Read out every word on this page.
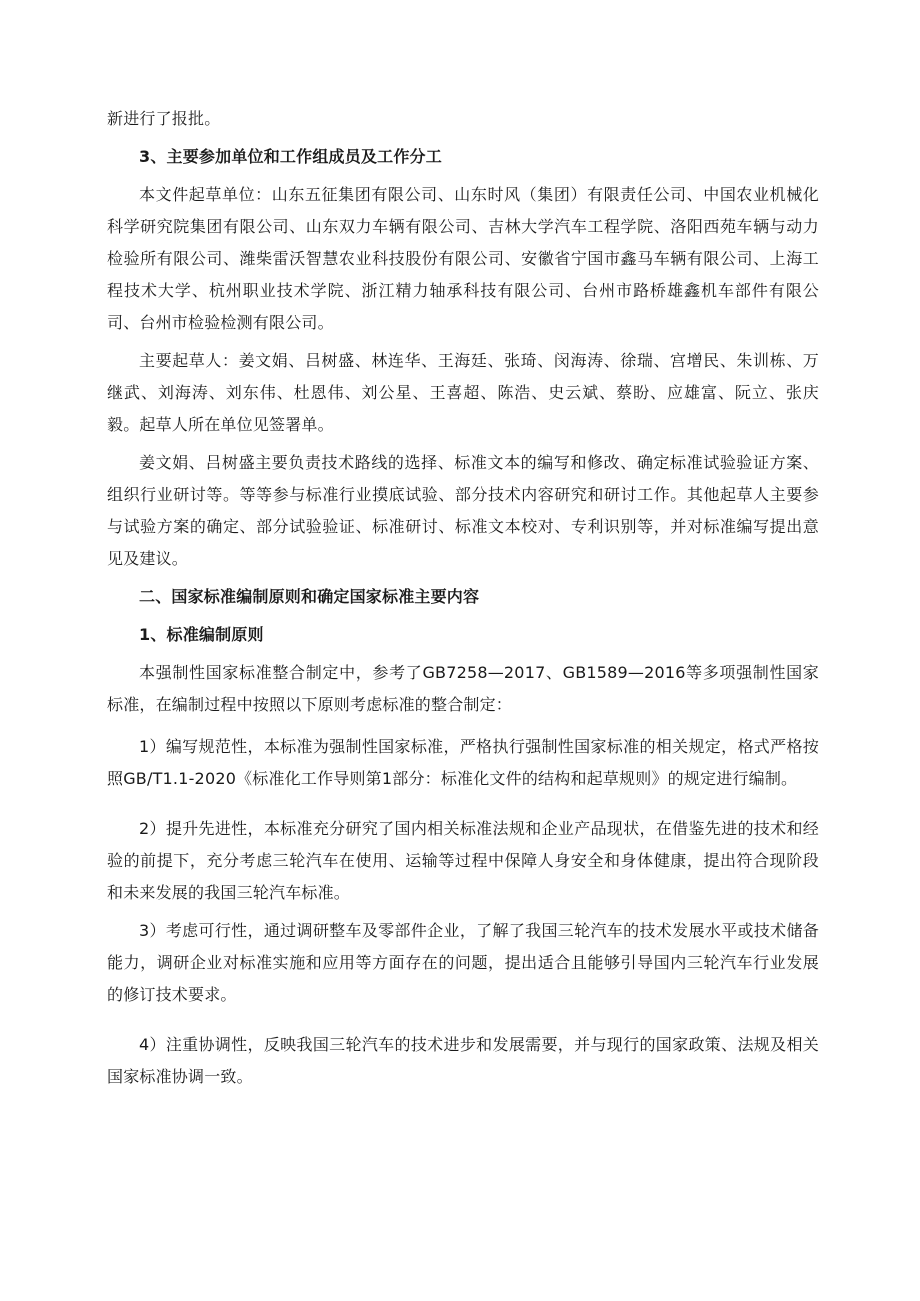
新进行了报批。

3、主要参加单位和工作组成员及工作分工

本文件起草单位：山东五征集团有限公司、山东时风（集团）有限责任公司、中国农业机械化科学研究院集团有限公司、山东双力车辆有限公司、吉林大学汽车工程学院、洛阳西苑车辆与动力检验所有限公司、潍柴雷沃智慧农业科技股份有限公司、安徽省宁国市鑫马车辆有限公司、上海工程技术大学、杭州职业技术学院、浙江精力轴承科技有限公司、台州市路桥雄鑫机车部件有限公司、台州市检验检测有限公司。

主要起草人：姜文娟、吕树盛、林连华、王海廷、张琦、闵海涛、徐瑞、宫增民、朱训栋、万继武、刘海涛、刘东伟、杜恩伟、刘公星、王喜超、陈浩、史云斌、蔡盼、应雄富、阮立、张庆毅。起草人所在单位见签署单。

姜文娟、吕树盛主要负责技术路线的选择、标准文本的编写和修改、确定标准试验验证方案、组织行业研讨等。等等参与标准行业摸底试验、部分技术内容研究和研讨工作。其他起草人主要参与试验方案的确定、部分试验验证、标准研讨、标准文本校对、专利识别等，并对标准编写提出意见及建议。

二、国家标准编制原则和确定国家标准主要内容

1、标准编制原则

本强制性国家标准整合制定中，参考了GB7258—2017、GB1589—2016等多项强制性国家标准，在编制过程中按照以下原则考虑标准的整合制定：

1）编写规范性，本标准为强制性国家标准，严格执行强制性国家标准的相关规定，格式严格按照GB/T1.1-2020《标准化工作导则第1部分：标准化文件的结构和起草规则》的规定进行编制。

2）提升先进性，本标准充分研究了国内相关标准法规和企业产品现状，在借鉴先进的技术和经验的前提下，充分考虑三轮汽车在使用、运输等过程中保障人身安全和身体健康，提出符合现阶段和未来发展的我国三轮汽车标准。

3）考虑可行性，通过调研整车及零部件企业，了解了我国三轮汽车的技术发展水平或技术储备能力，调研企业对标准实施和应用等方面存在的问题，提出适合且能够引导国内三轮汽车行业发展的修订技术要求。

4）注重协调性，反映我国三轮汽车的技术进步和发展需要，并与现行的国家政策、法规及相关国家标准协调一致。
